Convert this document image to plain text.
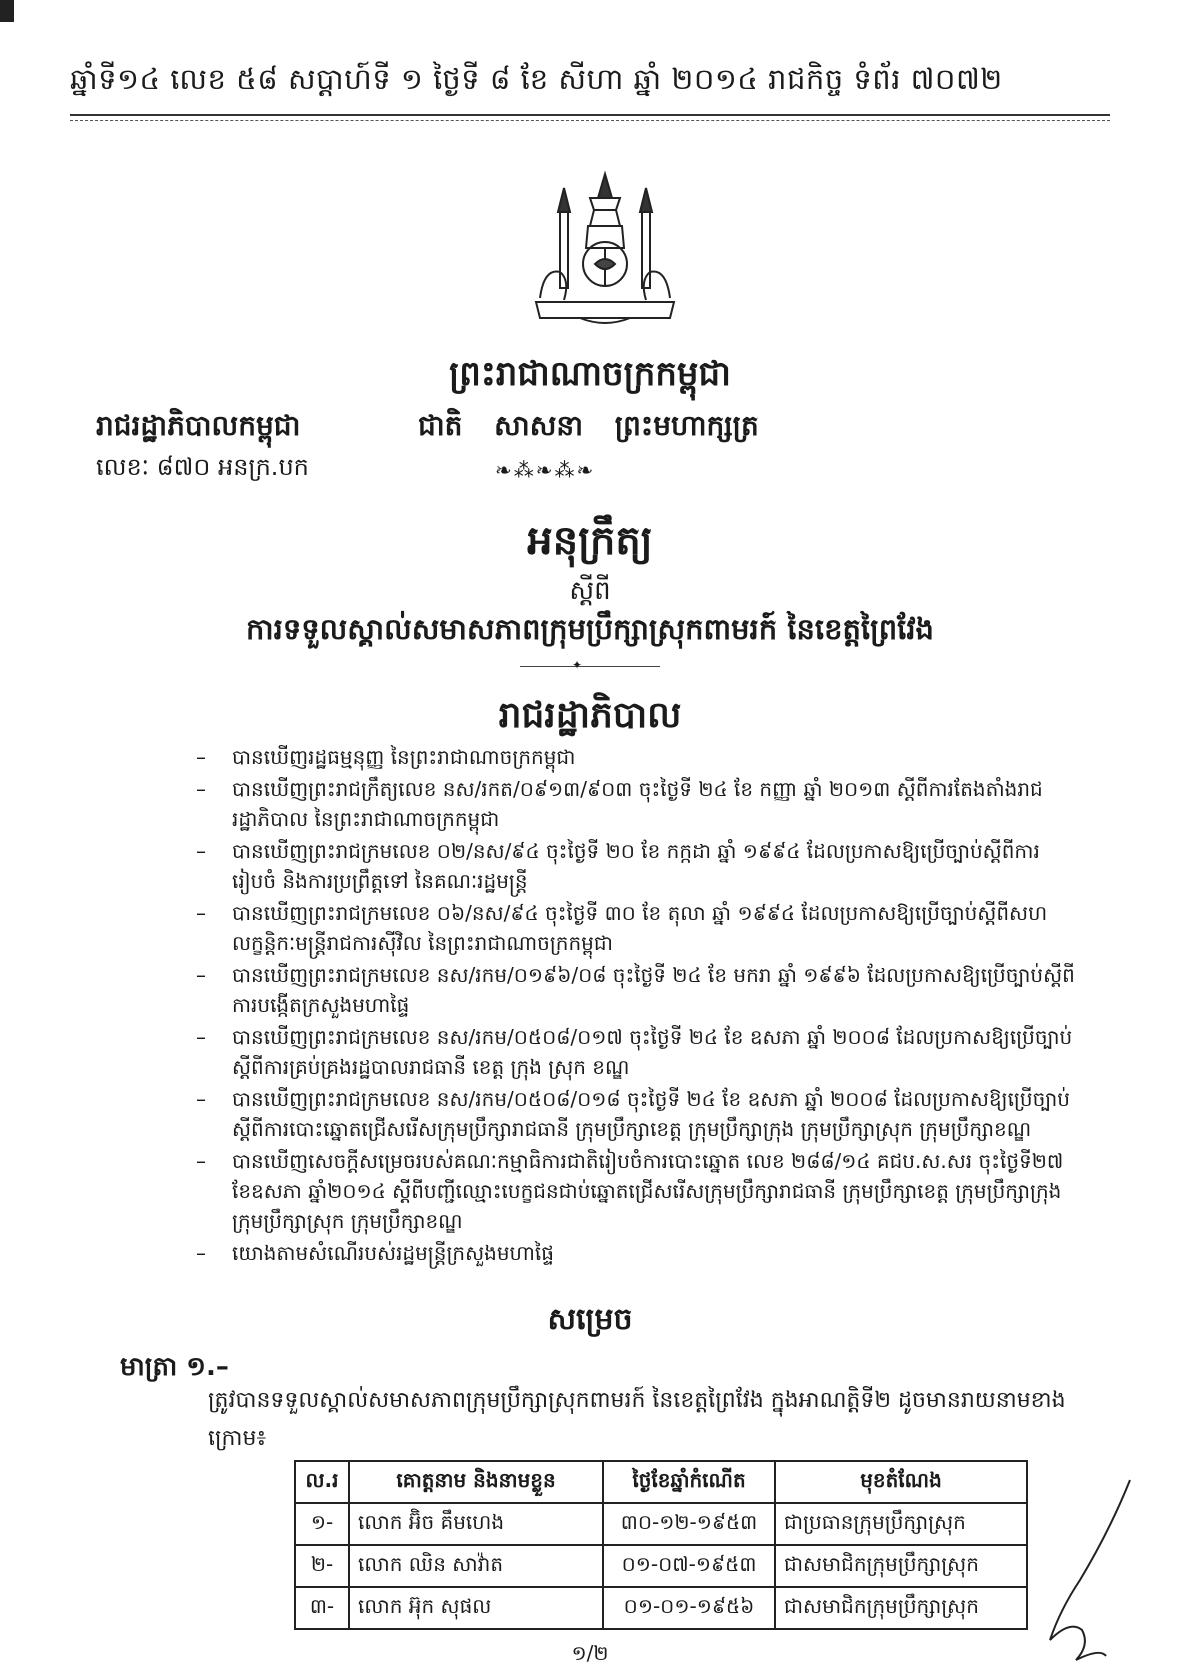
ឆ្នាំទី១៤ លេខ ៥៨ សប្តាហ៍ទី ១ ថ្ងៃទី ៨ ខែ សីហា ឆ្នាំ ២០១៤ រាជកិច្ច ទំព័រ ៧០៧២
ព្រះរាជាណាចក្រកម្ពុជា
រាជរដ្ឋាភិបាលកម្ពុជា	ជាតិ សាសនា ព្រះមហាក្សត្រ
លេខៈ ៨៧០ អនក្រ.បក	❧⁂❧⁂❧
អនុក្រឹត្យ
ស្តីពី
ការទទួលស្គាល់សមាសភាពក្រុមប្រឹក្សាស្រុកពាមរក៍ នៃខេត្តព្រៃវែង
✦
រាជរដ្ឋាភិបាល
– បានឃើញរដ្ឋធម្មនុញ្ញ នៃព្រះរាជាណាចក្រកម្ពុជា
– បានឃើញព្រះរាជក្រឹត្យលេខ នស/រកត/០៩១៣/៩០៣ ចុះថ្ងៃទី ២៤ ខែ កញ្ញា ឆ្នាំ ២០១៣ ស្តីពីការតែងតាំងរាជរដ្ឋាភិបាល នៃព្រះរាជាណាចក្រកម្ពុជា
– បានឃើញព្រះរាជក្រមលេខ ០២/នស/៩៤ ចុះថ្ងៃទី ២០ ខែ កក្កដា ឆ្នាំ ១៩៩៤ ដែលប្រកាសឱ្យប្រើច្បាប់ស្តីពីការរៀបចំ និងការប្រព្រឹត្តទៅ នៃគណៈរដ្ឋមន្ត្រី
– បានឃើញព្រះរាជក្រមលេខ ០៦/នស/៩៤ ចុះថ្ងៃទី ៣០ ខែ តុលា ឆ្នាំ ១៩៩៤ ដែលប្រកាសឱ្យប្រើច្បាប់ស្តីពីសហលក្ខន្តិកៈមន្ត្រីរាជការស៊ីវិល នៃព្រះរាជាណាចក្រកម្ពុជា
– បានឃើញព្រះរាជក្រមលេខ នស/រកម/០១៩៦/០៨ ចុះថ្ងៃទី ២៤ ខែ មករា ឆ្នាំ ១៩៩៦ ដែលប្រកាសឱ្យប្រើច្បាប់ស្តីពីការបង្កើតក្រសួងមហាផ្ទៃ
– បានឃើញព្រះរាជក្រមលេខ នស/រកម/០៥០៨/០១៧ ចុះថ្ងៃទី ២៤ ខែ ឧសភា ឆ្នាំ ២០០៨ ដែលប្រកាសឱ្យប្រើច្បាប់ស្តីពីការគ្រប់គ្រងរដ្ឋបាលរាជធានី ខេត្ត ក្រុង ស្រុក ខណ្ឌ
– បានឃើញព្រះរាជក្រមលេខ នស/រកម/០៥០៨/០១៨ ចុះថ្ងៃទី ២៤ ខែ ឧសភា ឆ្នាំ ២០០៨ ដែលប្រកាសឱ្យប្រើច្បាប់ស្តីពីការបោះឆ្នោតជ្រើសរើសក្រុមប្រឹក្សារាជធានី ក្រុមប្រឹក្សាខេត្ត ក្រុមប្រឹក្សាក្រុង ក្រុមប្រឹក្សាស្រុក ក្រុមប្រឹក្សាខណ្ឌ
– បានឃើញសេចក្តីសម្រេចរបស់គណៈកម្មាធិការជាតិរៀបចំការបោះឆ្នោត លេខ ២៨៨/១៤ គជប.ស.សរ ចុះថ្ងៃទី២៧ ខែឧសភា ឆ្នាំ២០១៤ ស្តីពីបញ្ជីឈ្មោះបេក្ខជនជាប់ឆ្នោតជ្រើសរើសក្រុមប្រឹក្សារាជធានី ក្រុមប្រឹក្សាខេត្ត ក្រុមប្រឹក្សាក្រុង ក្រុមប្រឹក្សាស្រុក ក្រុមប្រឹក្សាខណ្ឌ
– យោងតាមសំណើរបស់រដ្ឋមន្ត្រីក្រសួងមហាផ្ទៃ
សម្រេច
មាត្រា ១.–
ត្រូវបានទទួលស្គាល់សមាសភាពក្រុមប្រឹក្សាស្រុកពាមរក៍ នៃខេត្តព្រៃវែង ក្នុងអាណត្តិទី២ ដូចមានរាយនាមខាងក្រោម៖
ល.រ	គោត្តនាម និងនាមខ្លួន	ថ្ងៃខែឆ្នាំកំណើត	មុខតំណែង
១-	លោក អ៊ិច គឹមហេង	៣០-១២-១៩៥៣	ជាប្រធានក្រុមប្រឹក្សាស្រុក
២-	លោក ឈិន សាវ៉ាត	០១-០៧-១៩៥៣	ជាសមាជិកក្រុមប្រឹក្សាស្រុក
៣-	លោក អ៊ុក សុផល	០១-០១-១៩៥៦	ជាសមាជិកក្រុមប្រឹក្សាស្រុក
១/២
